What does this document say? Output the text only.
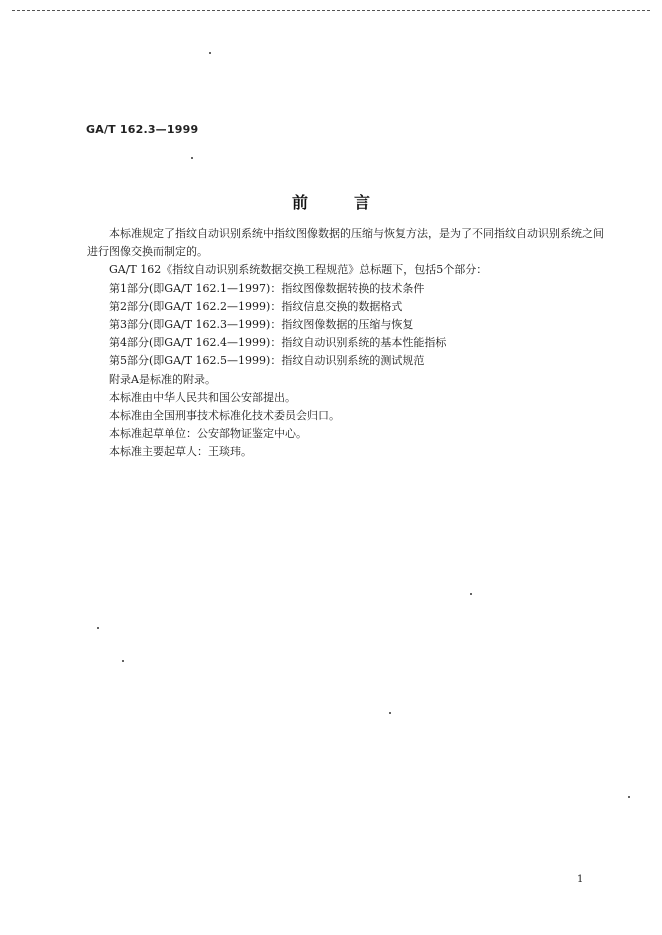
GA/T 162.3—1999
前言

本标准规定了指纹自动识别系统中指纹图像数据的压缩与恢复方法，是为了不同指纹自动识别系统之间进行图像交换而制定的。

GA/T 162《指纹自动识别系统数据交换工程规范》总标题下，包括5个部分：

第1部分(即GA/T 162.1—1997)：指纹图像数据转换的技术条件

第2部分(即GA/T 162.2—1999)：指纹信息交换的数据格式

第3部分(即GA/T 162.3—1999)：指纹图像数据的压缩与恢复

第4部分(即GA/T 162.4—1999)：指纹自动识别系统的基本性能指标

第5部分(即GA/T 162.5—1999)：指纹自动识别系统的测试规范

附录A是标准的附录。

本标准由中华人民共和国公安部提出。

本标准由全国刑事技术标准化技术委员会归口。

本标准起草单位：公安部物证鉴定中心。

本标准主要起草人：王琰玮。

1
